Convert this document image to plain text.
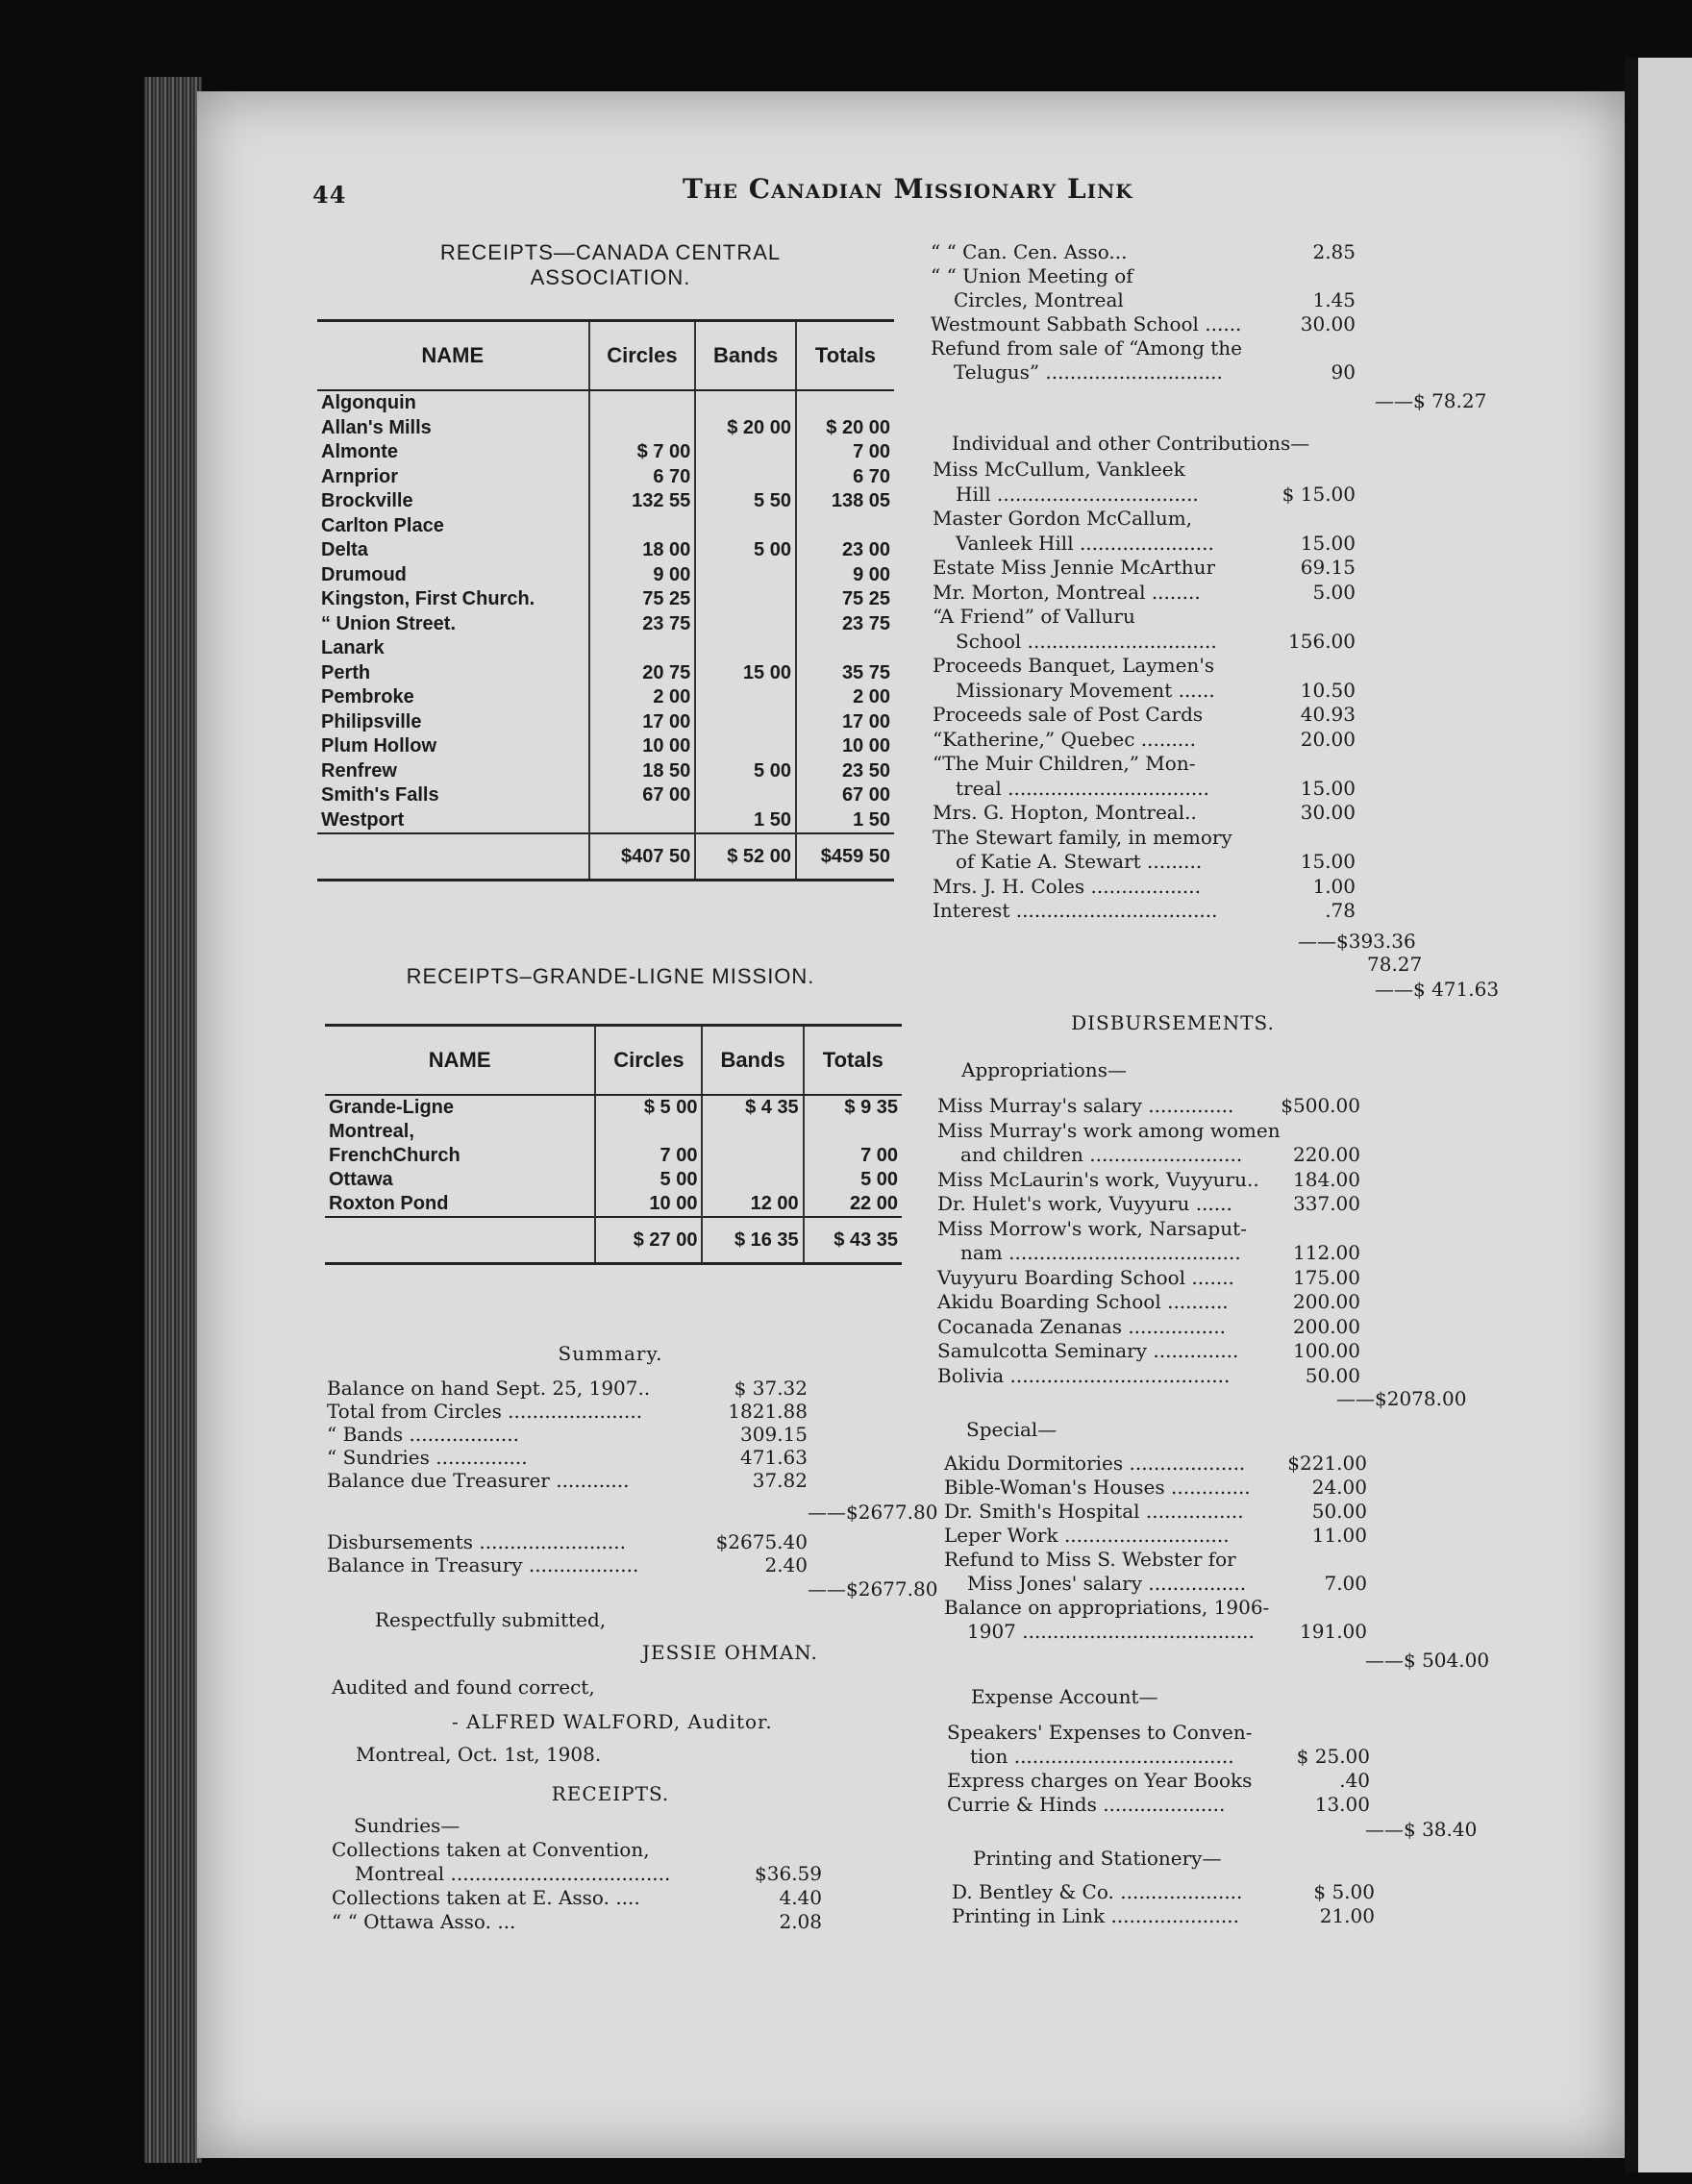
44	The Canadian Missionary Link
RECEIPTS—CANADA CENTRAL
ASSOCIATION.
NAME	Circles	Bands	Totals
Algonquin			
Allan's Mills		$ 20 00	$ 20 00
Almonte	$ 7 00		7 00
Arnprior	6 70		6 70
Brockville	132 55	5 50	138 05
Carlton Place			
Delta	18 00	5 00	23 00
Drumoud	9 00		9 00
Kingston, First Church.	75 25		75 25
“ Union Street.	23 75		23 75
Lanark			
Perth	20 75	15 00	35 75
Pembroke	2 00		2 00
Philipsville	17 00		17 00
Plum Hollow	10 00		10 00
Renfrew	18 50	5 00	23 50
Smith's Falls	67 00		67 00
Westport		1 50	1 50
	$407 50	$ 52 00	$459 50
RECEIPTS–GRANDE-LIGNE MISSION.
NAME	Circles	Bands	Totals
Grande-Ligne	$ 5 00	$ 4 35	$ 9 35
Montreal,			
FrenchChurch	7 00		7 00
Ottawa	5 00		5 00
Roxton Pond	10 00	12 00	22 00
	$ 27 00	$ 16 35	$ 43 35
Summary.
Balance on hand Sept. 25, 1907..	$ 37.32
Total from Circles ......................	1821.88
“ Bands ..................	309.15
“ Sundries ...............	471.63
Balance due Treasurer ............	37.82
——$2677.80
Disbursements ........................	$2675.40
Balance in Treasury ..................	2.40
——$2677.80
Respectfully submitted,
JESSIE OHMAN.
Audited and found correct,
- ALFRED WALFORD, Auditor.
Montreal, Oct. 1st, 1908.
RECEIPTS.
Sundries—
Collections taken at Convention,
Montreal ....................................	$36.59
Collections taken at E. Asso. ....	4.40
“ “ Ottawa Asso. ...	2.08
“ “ Can. Cen. Asso...	2.85
“ “ Union Meeting of
Circles, Montreal	1.45
Westmount Sabbath School ......	30.00
Refund from sale of “Among the
Telugus” .............................	90
——$ 78.27
Individual and other Contributions—
Miss McCullum, Vankleek
Hill .................................	$ 15.00
Master Gordon McCallum,
Vanleek Hill ......................	15.00
Estate Miss Jennie McArthur	69.15
Mr. Morton, Montreal ........	5.00
“A Friend” of Valluru
School ...............................	156.00
Proceeds Banquet, Laymen's
Missionary Movement ......	10.50
Proceeds sale of Post Cards	40.93
“Katherine,” Quebec .........	20.00
“The Muir Children,” Mon-
treal .................................	15.00
Mrs. G. Hopton, Montreal..	30.00
The Stewart family, in memory
of Katie A. Stewart .........	15.00
Mrs. J. H. Coles ..................	1.00
Interest .................................	.78
——$393.36
78.27
——$ 471.63
DISBURSEMENTS.
Appropriations—
Miss Murray's salary .............. $500.00
Miss Murray's work among women
and children .........................	220.00
Miss McLaurin's work, Vuyyuru.. 184.00
Dr. Hulet's work, Vuyyuru ......	337.00
Miss Morrow's work, Narsaput-
nam ......................................	112.00
Vuyyuru Boarding School .......	175.00
Akidu Boarding School ..........	200.00
Cocanada Zenanas ................	200.00
Samulcotta Seminary ..............	100.00
Bolivia ....................................	50.00
——$2078.00
Special—
Akidu Dormitories ................... $221.00
Bible-Woman's Houses .............	24.00
Dr. Smith's Hospital ................	50.00
Leper Work ...........................	11.00
Refund to Miss S. Webster for
Miss Jones' salary ................	7.00
Balance on appropriations, 1906-
1907 ...................................... 191.00
——$ 504.00
Expense Account—
Speakers' Expenses to Conven-
tion ....................................	$ 25.00
Express charges on Year Books	.40
Currie & Hinds ....................	13.00
——$ 38.40
Printing and Stationery—
D. Bentley & Co. ....................	$ 5.00
Printing in Link .....................	21.00
